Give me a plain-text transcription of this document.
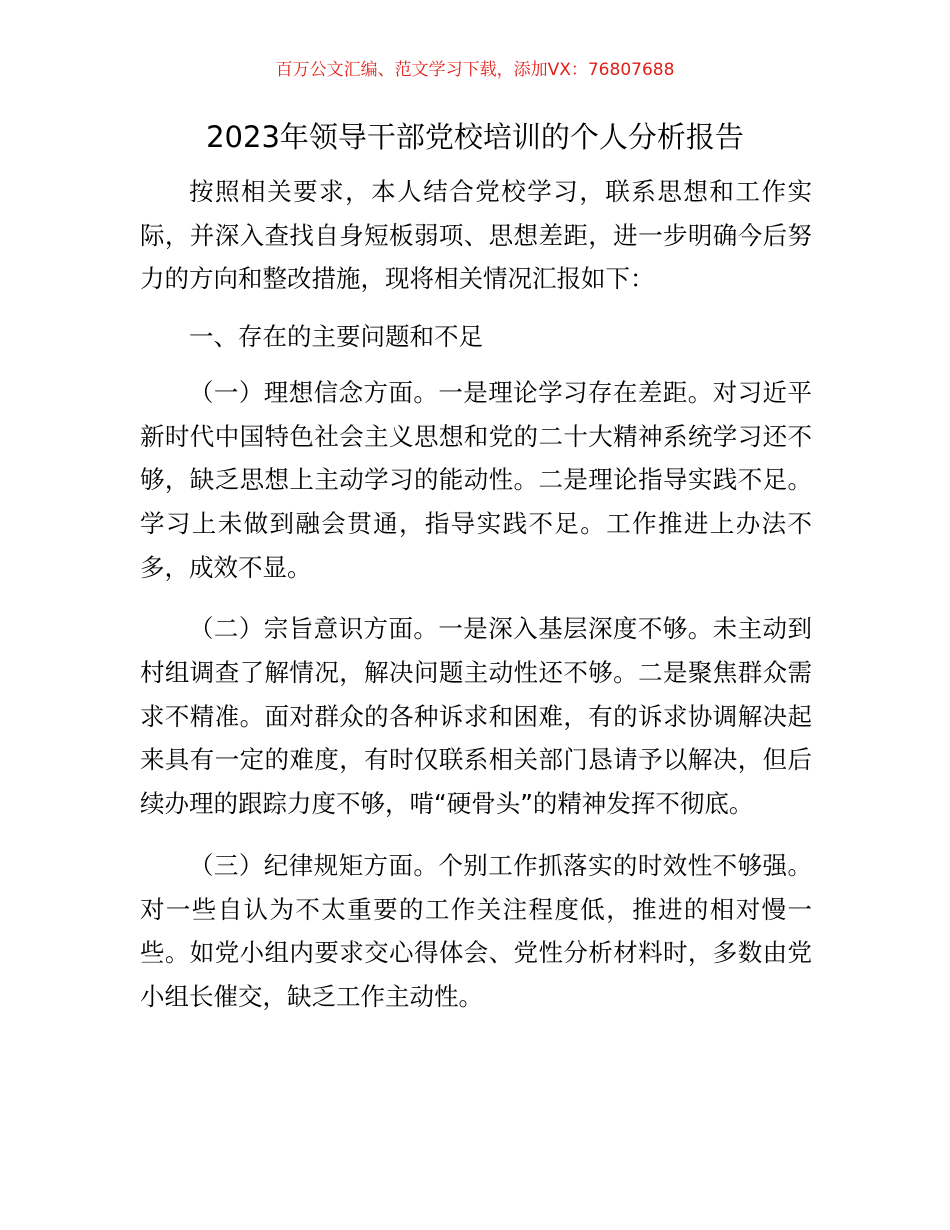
百万公文汇编、范文学习下载，添加VX：76807688
2023年领导干部党校培训的个人分析报告

按照相关要求，本人结合党校学习，联系思想和工作实际，并深入查找自身短板弱项、思想差距，进一步明确今后努力的方向和整改措施，现将相关情况汇报如下：

一、存在的主要问题和不足

（一）理想信念方面。一是理论学习存在差距。对习近平新时代中国特色社会主义思想和党的二十大精神系统学习还不够，缺乏思想上主动学习的能动性。二是理论指导实践不足。学习上未做到融会贯通，指导实践不足。工作推进上办法不多，成效不显。

（二）宗旨意识方面。一是深入基层深度不够。未主动到村组调查了解情况，解决问题主动性还不够。二是聚焦群众需求不精准。面对群众的各种诉求和困难，有的诉求协调解决起来具有一定的难度，有时仅联系相关部门恳请予以解决，但后续办理的跟踪力度不够，啃“硬骨头”的精神发挥不彻底。

（三）纪律规矩方面。个别工作抓落实的时效性不够强。对一些自认为不太重要的工作关注程度低，推进的相对慢一些。如党小组内要求交心得体会、党性分析材料时，多数由党小组长催交，缺乏工作主动性。
